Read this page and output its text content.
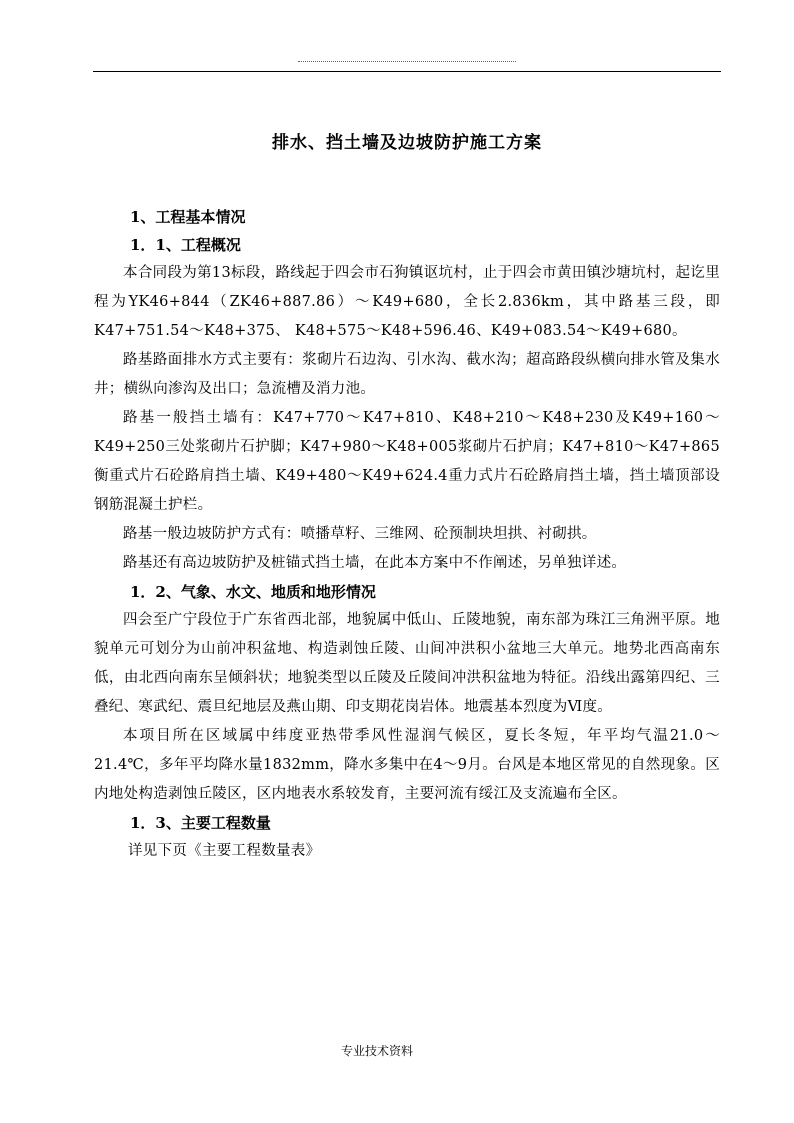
排水、挡土墙及边坡防护施工方案
1、工程基本情况
1．1、工程概况

本合同段为第13标段，路线起于四会市石狗镇讴坑村，止于四会市黄田镇沙塘坑村，起讫里程为YK46+844（ZK46+887.86）～K49+680，全长2.836km，其中路基三段，即K47+751.54～K48+375、 K48+575～K48+596.46、K49+083.54～K49+680。

路基路面排水方式主要有：浆砌片石边沟、引水沟、截水沟；超高路段纵横向排水管及集水井；横纵向渗沟及出口；急流槽及消力池。

路基一般挡土墙有：K47+770～K47+810、K48+210～K48+230及K49+160～K49+250三处浆砌片石护脚；K47+980～K48+005浆砌片石护肩；K47+810～K47+865衡重式片石砼路肩挡土墙、K49+480～K49+624.4重力式片石砼路肩挡土墙，挡土墙顶部设钢筋混凝土护栏。

路基一般边坡防护方式有：喷播草籽、三维网、砼预制块坦拱、衬砌拱。

路基还有高边坡防护及桩锚式挡土墙，在此本方案中不作阐述，另单独详述。

1．2、气象、水文、地质和地形情况

四会至广宁段位于广东省西北部，地貌属中低山、丘陵地貌，南东部为珠江三角洲平原。地貌单元可划分为山前冲积盆地、构造剥蚀丘陵、山间冲洪积小盆地三大单元。地势北西高南东低，由北西向南东呈倾斜状；地貌类型以丘陵及丘陵间冲洪积盆地为特征。沿线出露第四纪、三叠纪、寒武纪、震旦纪地层及燕山期、印支期花岗岩体。地震基本烈度为Ⅵ度。

本项目所在区域属中纬度亚热带季风性湿润气候区，夏长冬短，年平均气温21.0～21.4℃，多年平均降水量1832mm，降水多集中在4～9月。台风是本地区常见的自然现象。区内地处构造剥蚀丘陵区，区内地表水系较发育，主要河流有绥江及支流遍布全区。

1．3、主要工程数量

详见下页《主要工程数量表》

专业技术资料
